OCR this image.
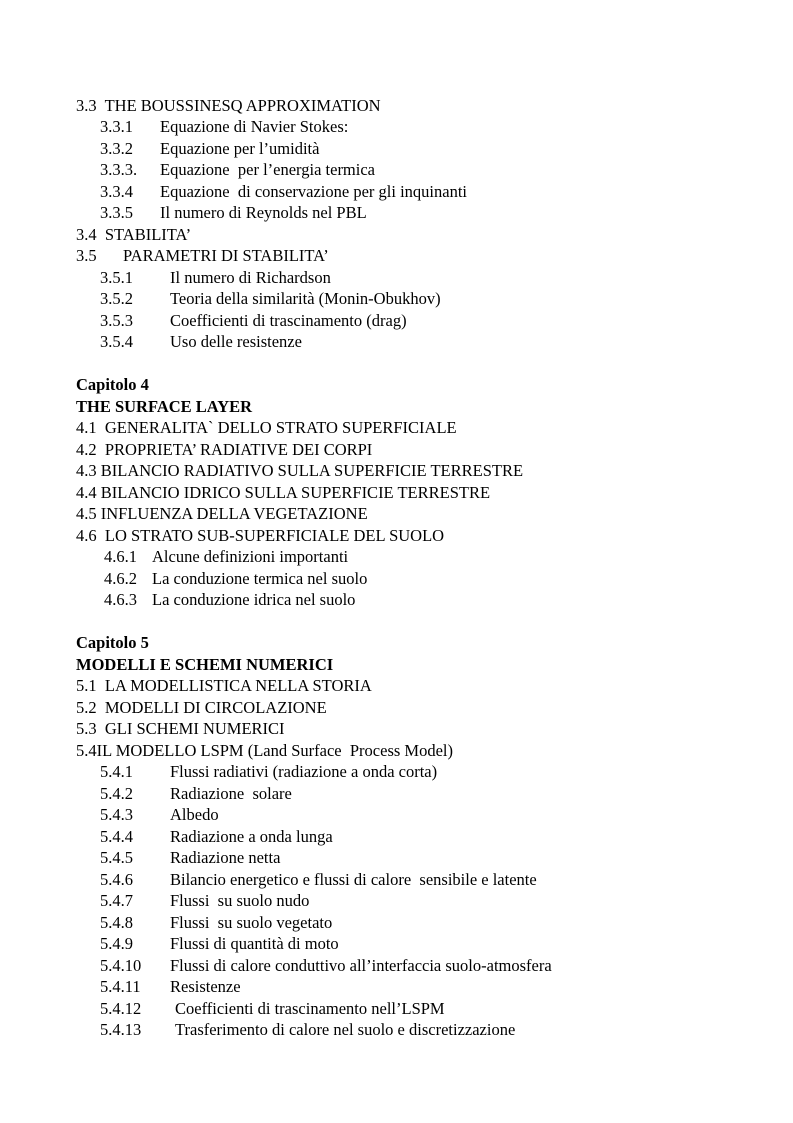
3.3  THE BOUSSINESQ APPROXIMATION
3.3.1 Equazione di Navier Stokes:
3.3.2 Equazione per l’umidità
3.3.3. Equazione  per l’energia termica
3.3.4 Equazione  di conservazione per gli inquinanti
3.3.5 Il numero di Reynolds nel PBL
3.4  STABILITA’
3.5 PARAMETRI DI STABILITA’
3.5.1 Il numero di Richardson
3.5.2 Teoria della similarità (Monin-Obukhov)
3.5.3 Coefficienti di trascinamento (drag)
3.5.4 Uso delle resistenze
Capitolo 4
THE SURFACE LAYER
4.1  GENERALITA` DELLO STRATO SUPERFICIALE
4.2  PROPRIETA’ RADIATIVE DEI CORPI
4.3 BILANCIO RADIATIVO SULLA SUPERFICIE TERRESTRE
4.4 BILANCIO IDRICO SULLA SUPERFICIE TERRESTRE
4.5 INFLUENZA DELLA VEGETAZIONE
4.6  LO STRATO SUB-SUPERFICIALE DEL SUOLO
4.6.1 Alcune definizioni importanti
4.6.2 La conduzione termica nel suolo
4.6.3 La conduzione idrica nel suolo
Capitolo 5
MODELLI E SCHEMI NUMERICI
5.1  LA MODELLISTICA NELLA STORIA
5.2  MODELLI DI CIRCOLAZIONE
5.3  GLI SCHEMI NUMERICI
5.4IL MODELLO LSPM (Land Surface  Process Model)
5.4.1 Flussi radiativi (radiazione a onda corta)
5.4.2 Radiazione  solare
5.4.3 Albedo
5.4.4 Radiazione a onda lunga
5.4.5 Radiazione netta
5.4.6 Bilancio energetico e flussi di calore  sensibile e latente
5.4.7 Flussi  su suolo nudo
5.4.8 Flussi  su suolo vegetato
5.4.9 Flussi di quantità di moto
5.4.10 Flussi di calore conduttivo all’interfaccia suolo-atmosfera
5.4.11 Resistenze
5.4.12 Coefficienti di trascinamento nell’LSPM
5.4.13 Trasferimento di calore nel suolo e discretizzazione
